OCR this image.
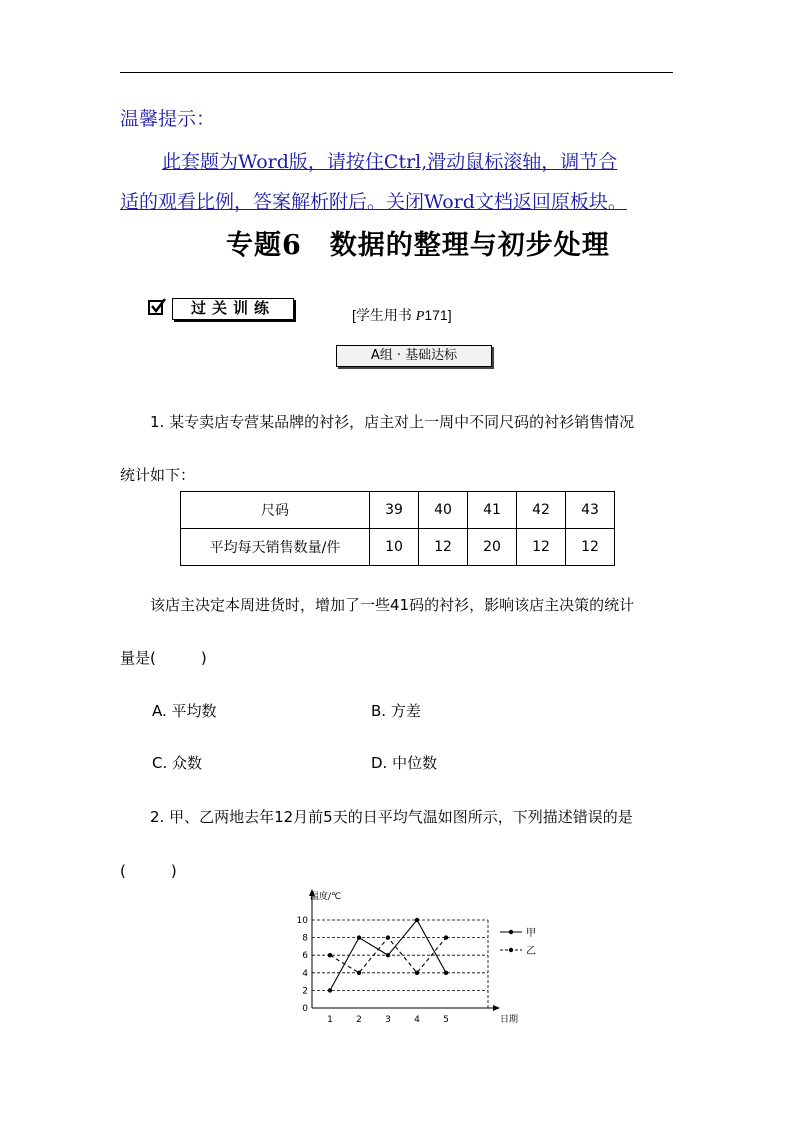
温馨提示：
此套题为Word版，请按住Ctrl,滑动鼠标滚轴，调节合
适的观看比例，答案解析附后。关闭Word文档返回原板块。
专题6　数据的整理与初步处理
过关训练	[学生用书 P171]
A组 · 基础达标
1. 某专卖店专营某品牌的衬衫，店主对上一周中不同尺码的衬衫销售情况
统计如下：
尺码	39	40	41	42	43
平均每天销售数量/件	10	12	20	12	12
该店主决定本周进货时，增加了一些41码的衬衫，影响该店主决策的统计
量是(　　　)
A. 平均数	B. 方差
C. 众数	D. 中位数
2. 甲、乙两地去年12月前5天的日平均气温如图所示，下列描述错误的是
(　　　)
0
2
4
6
8
10
1	2	3	4	5
温度/℃
日期
甲
乙
